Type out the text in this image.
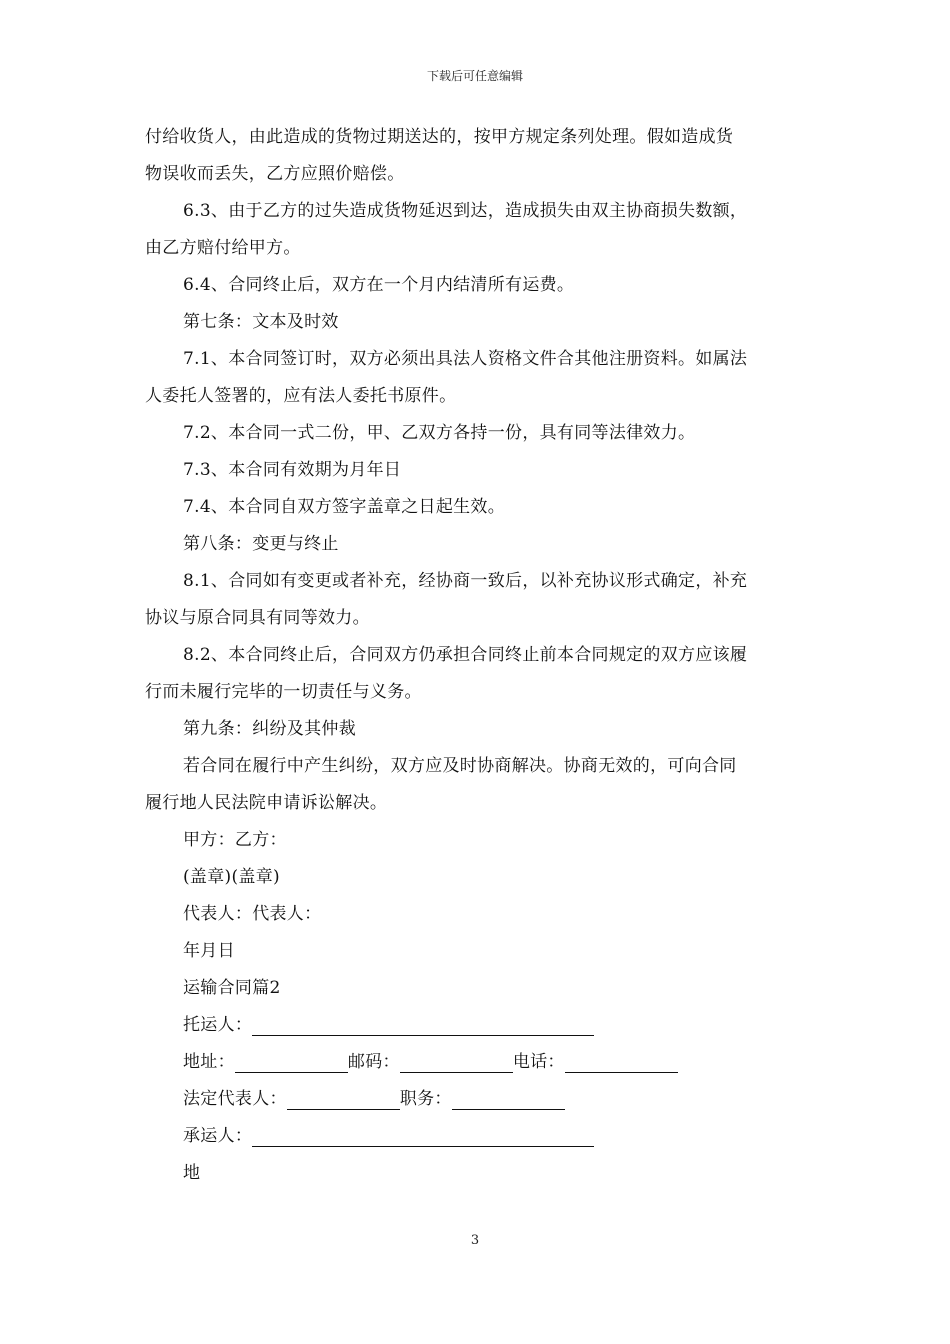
下载后可任意编辑

付给收货人，由此造成的货物过期送达的，按甲方规定条列处理。假如造成货

物误收而丢失，乙方应照价赔偿。

6.3、由于乙方的过失造成货物延迟到达，造成损失由双主协商损失数额，

由乙方赔付给甲方。

6.4、合同终止后，双方在一个月内结清所有运费。

第七条：文本及时效

7.1、本合同签订时，双方必须出具法人资格文件合其他注册资料。如属法

人委托人签署的，应有法人委托书原件。

7.2、本合同一式二份，甲、乙双方各持一份，具有同等法律效力。

7.3、本合同有效期为月年日

7.4、本合同自双方签字盖章之日起生效。

第八条：变更与终止

8.1、合同如有变更或者补充，经协商一致后，以补充协议形式确定，补充

协议与原合同具有同等效力。

8.2、本合同终止后，合同双方仍承担合同终止前本合同规定的双方应该履

行而未履行完毕的一切责任与义务。

第九条：纠纷及其仲裁

若合同在履行中产生纠纷，双方应及时协商解决。协商无效的，可向合同

履行地人民法院申请诉讼解决。

甲方：乙方：

(盖章)(盖章)

代表人：代表人：

年月日

运输合同篇2

托运人：

地址：	邮码：	电话：

法定代表人：	职务：

承运人：

地

3
